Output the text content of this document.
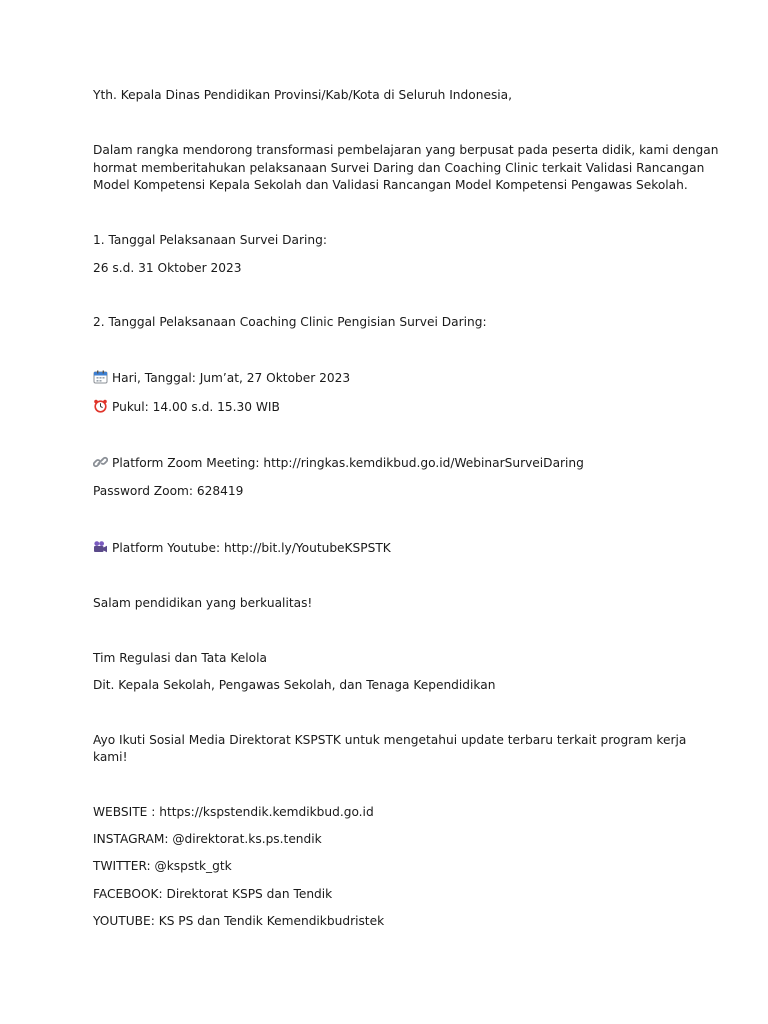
Yth. Kepala Dinas Pendidikan Provinsi/Kab/Kota di Seluruh Indonesia,
Dalam rangka mendorong transformasi pembelajaran yang berpusat pada peserta didik, kami dengan
hormat memberitahukan pelaksanaan Survei Daring dan Coaching Clinic terkait Validasi Rancangan
Model Kompetensi Kepala Sekolah dan Validasi Rancangan Model Kompetensi Pengawas Sekolah.
1. Tanggal Pelaksanaan Survei Daring:
26 s.d. 31 Oktober 2023
2. Tanggal Pelaksanaan Coaching Clinic Pengisian Survei Daring:
Hari, Tanggal: Jum’at, 27 Oktober 2023
Pukul: 14.00 s.d. 15.30 WIB
Platform Zoom Meeting: http://ringkas.kemdikbud.go.id/WebinarSurveiDaring
Password Zoom: 628419
Platform Youtube: http://bit.ly/YoutubeKSPSTK
Salam pendidikan yang berkualitas!
Tim Regulasi dan Tata Kelola
Dit. Kepala Sekolah, Pengawas Sekolah, dan Tenaga Kependidikan
Ayo Ikuti Sosial Media Direktorat KSPSTK untuk mengetahui update terbaru terkait program kerja
kami!
WEBSITE : https://kspstendik.kemdikbud.go.id
INSTAGRAM: @direktorat.ks.ps.tendik
TWITTER: @kspstk_gtk
FACEBOOK: Direktorat KSPS dan Tendik
YOUTUBE: KS PS dan Tendik Kemendikbudristek
